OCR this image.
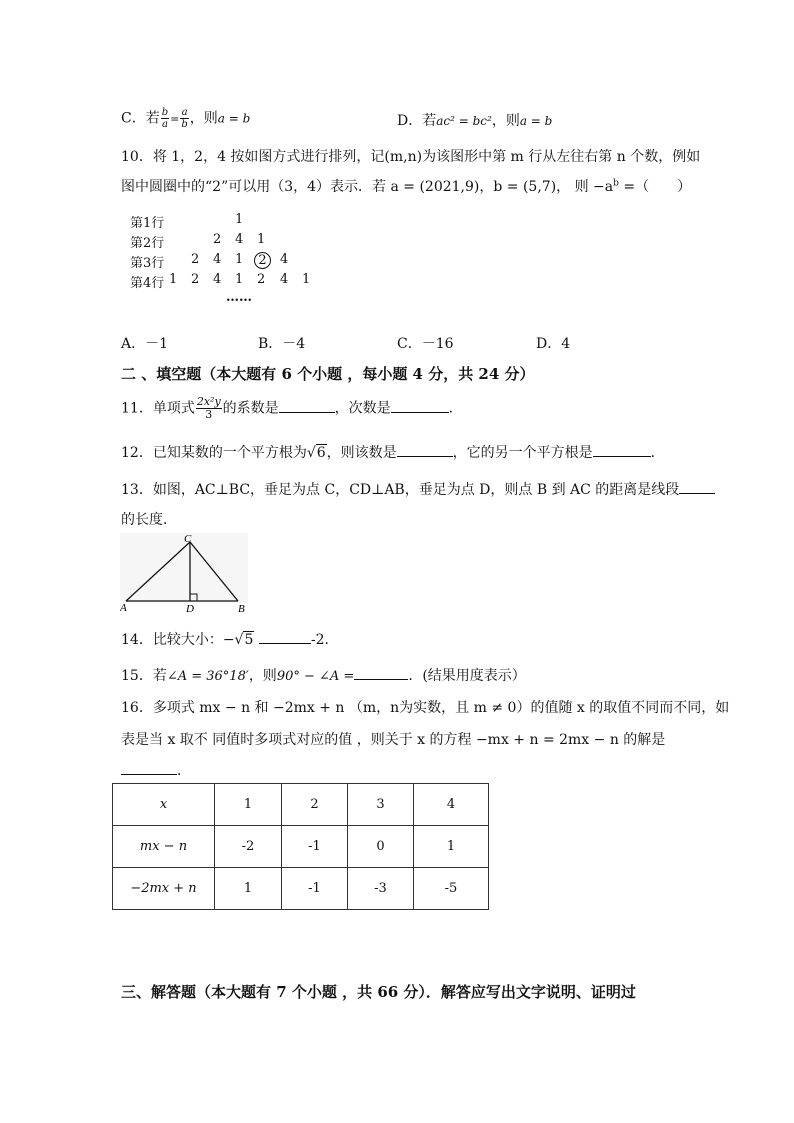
C．若 $\frac{b}{a} = \frac{a}{b}$ ，则a = b	D．若ac² = bc²，则a = b
10．将 1，2，4 按如图方式进行排列，记(m,n)为该图形中第 m 行从左往右第 n 个数，例如
图中圆圈中的“2”可以用（3，4）表示．若 a = (2021,9)，b = (5,7)， 则 $-a^b$ =（　　）
第1行	1
第2行	2 4 1
第3行 2 4 1	2	4
第4行 1 2 4 1 2 4 1
……
A．－1	B．－4	C．－16	D．4
二 、填空题（本大题有 6 个小题 ，每小题 4 分，共 24 分）
11．单项式 $\frac{\text{2x²y}}{3}$ 的系数是	，次数是	．
12．已知某数的一个平方根为√6，则该数是	，它的另一个平方根是	．
13．如图，AC⊥BC，垂足为点 C，CD⊥AB，垂足为点 D，则点 B 到 AC 的距离是线段
的长度．
C
A	D	B
14．比较大小：−√5	-2.
15．若∠A = 36°18′，则90° − ∠A =	．(结果用度表示）
16．多项式 mx − n 和 −2mx + n （m，n为实数，且 m ≠ 0）的值随 x 的取值不同而不同，如
表是当 x 取不 同值时多项式对应的值 ，则关于 x 的方程 −mx + n = 2mx − n 的解是
．
x	1	2	3	4
mx − n	-2	-1	0	1
−2mx + n	1	-1	-3	-5
三、解答题（本大题有 7 个小题 ，共 66 分）．解答应写出文字说明、证明过
